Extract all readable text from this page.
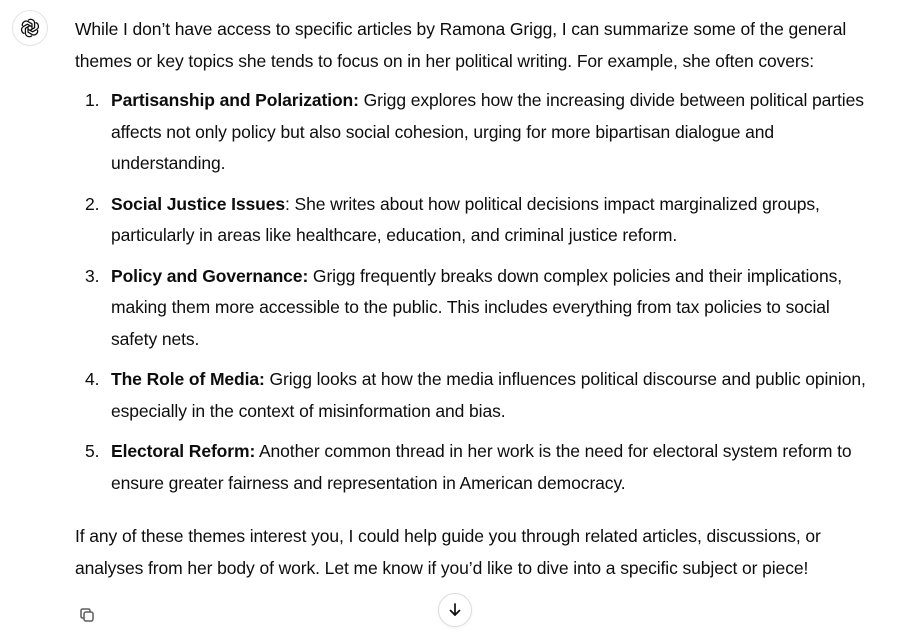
While I don’t have access to specific articles by Ramona Grigg, I can summarize some of the general themes or key topics she tends to focus on in her political writing. For example, she often covers:

1. Partisanship and Polarization: Grigg explores how the increasing divide between political parties affects not only policy but also social cohesion, urging for more bipartisan dialogue and understanding.
2. Social Justice Issues: She writes about how political decisions impact marginalized groups, particularly in areas like healthcare, education, and criminal justice reform.
3. Policy and Governance: Grigg frequently breaks down complex policies and their implications, making them more accessible to the public. This includes everything from tax policies to social safety nets.
4. The Role of Media: Grigg looks at how the media influences political discourse and public opinion, especially in the context of misinformation and bias.
5. Electoral Reform: Another common thread in her work is the need for electoral system reform to ensure greater fairness and representation in American democracy.

If any of these themes interest you, I could help guide you through related articles, discussions, or analyses from her body of work. Let me know if you’d like to dive into a specific subject or piece!
